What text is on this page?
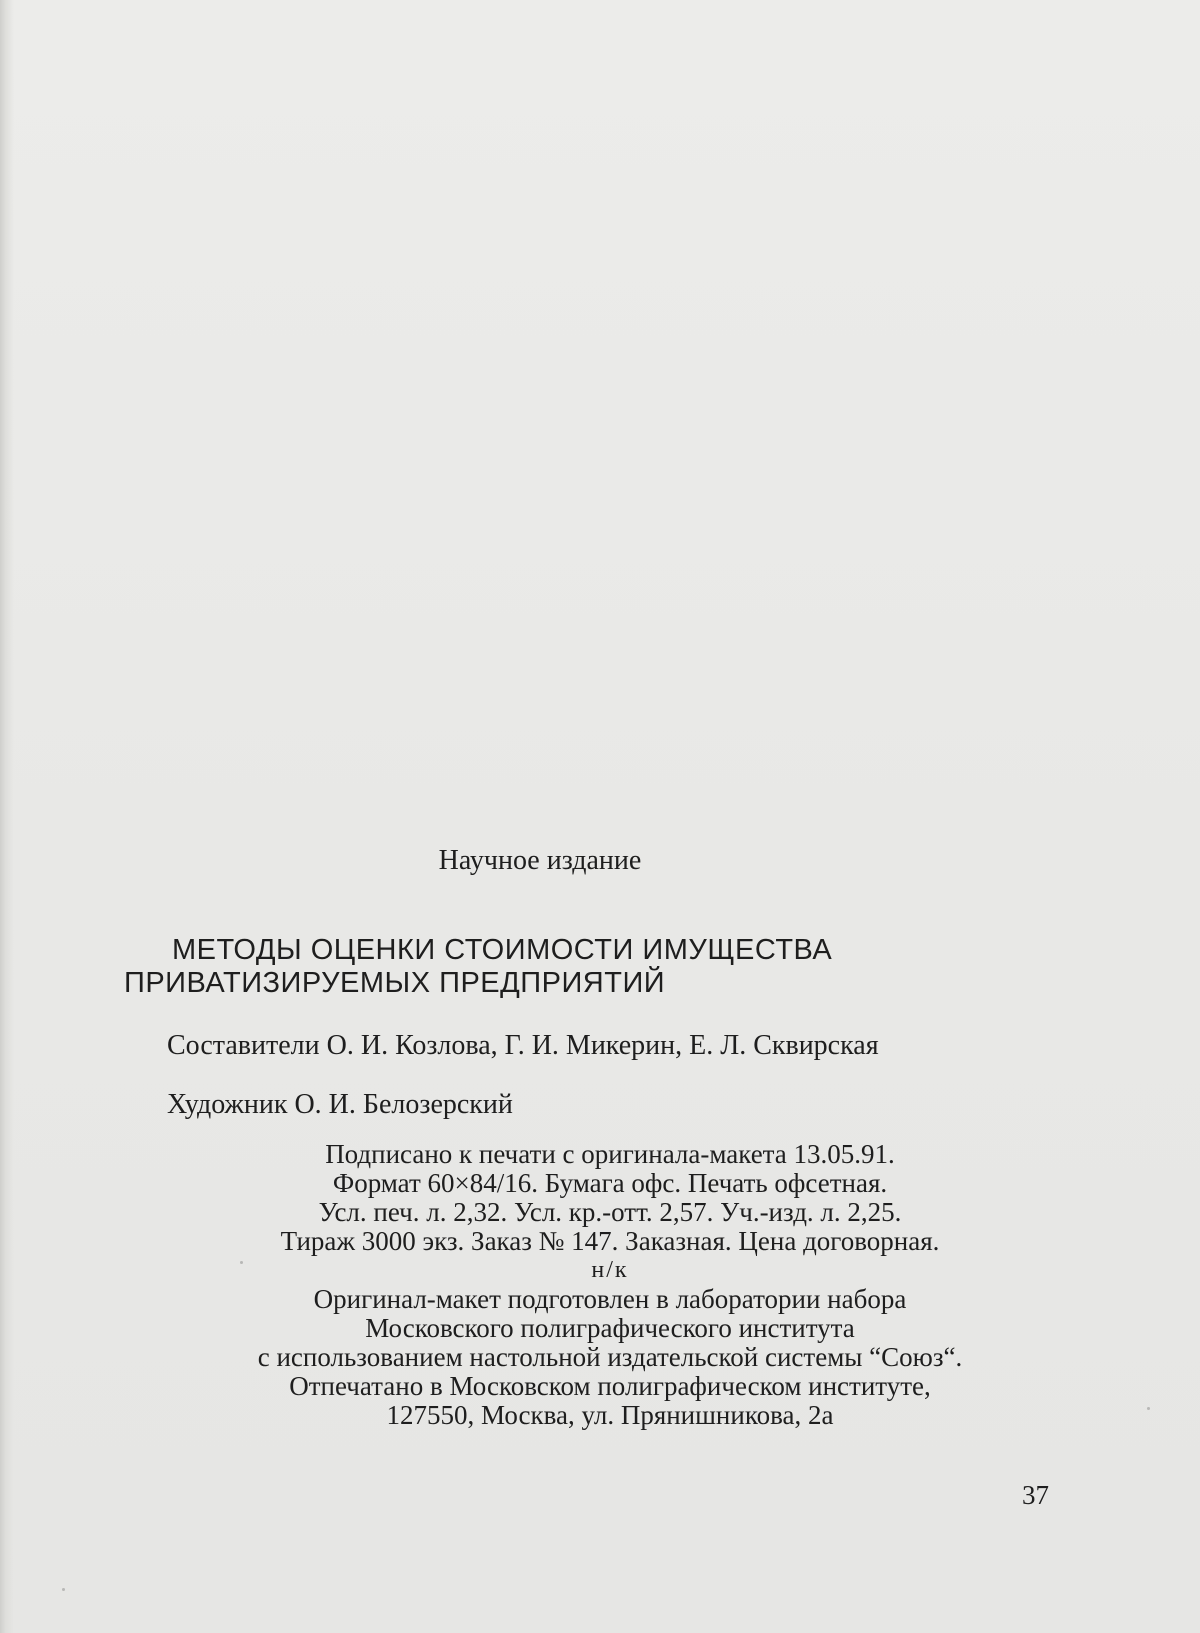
Научное издание
МЕТОДЫ ОЦЕНКИ СТОИМОСТИ ИМУЩЕСТВА
ПРИВАТИЗИРУЕМЫХ ПРЕДПРИЯТИЙ
Составители О. И. Козлова, Г. И. Микерин, Е. Л. Сквирская
Художник О. И. Белозерский
Подписано к печати с оригинала-макета 13.05.91.
Формат 60×84/16. Бумага офс. Печать офсетная.
Усл. печ. л. 2,32. Усл. кр.-отт. 2,57. Уч.-изд. л. 2,25.
Тираж 3000 экз. Заказ № 147. Заказная. Цена договорная.
н/к
Оригинал-макет подготовлен в лаборатории набора
Московского полиграфического института
с использованием настольной издательской системы “Союз“.
Отпечатано в Московском полиграфическом институте,
127550, Москва, ул. Прянишникова, 2а
37
